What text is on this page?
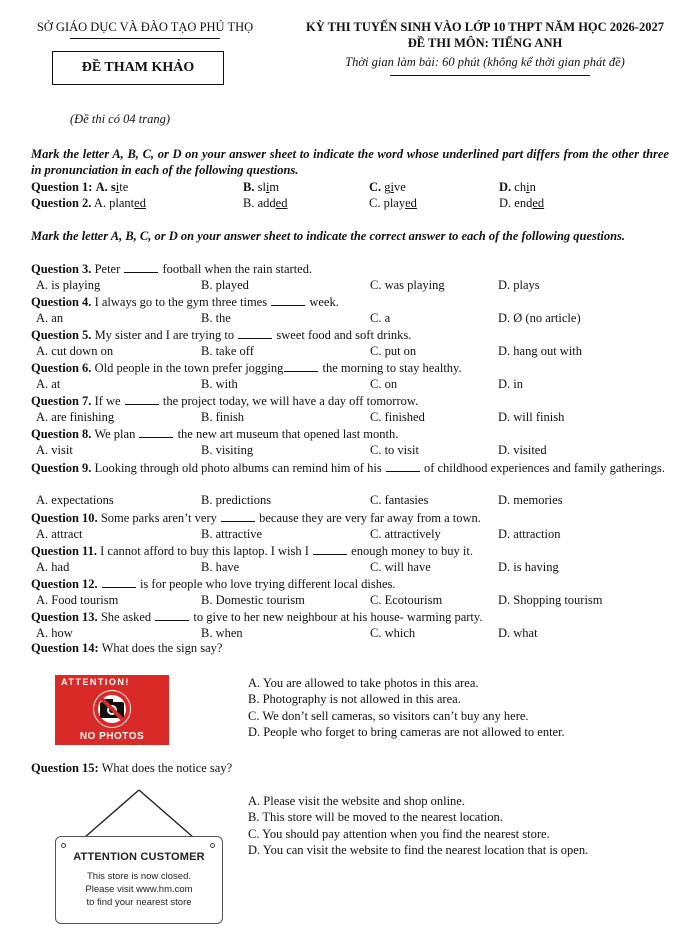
SỞ GIÁO DỤC VÀ ĐÀO TẠO PHÚ THỌ
ĐỀ THAM KHẢO
KỲ THI TUYỂN SINH VÀO LỚP 10 THPT NĂM HỌC 2026-2027
ĐỀ THI MÔN: TIẾNG ANH
Thời gian làm bài: 60 phút (không kể thời gian phát đề)
(Đề thi có 04 trang)
Mark the letter A, B, C, or D on your answer sheet to indicate the word whose underlined part differs from the other three in pronunciation in each of the following questions.
Question 1: A. site	B. slim	C. give	D. chin
Question 2. A. planted	B. added	C. played	D. ended
Mark the letter A, B, C, or D on your answer sheet to indicate the correct answer to each of the following questions.
Question 3. Peter	football when the rain started.
A. is playing	B. played	C. was playing	D. plays
Question 4. I always go to the gym three times	week.
A. an	B. the	C. a	D. Ø (no article)
Question 5. My sister and I are trying to	sweet food and soft drinks.
A. cut down on	B. take off	C. put on	D. hang out with
Question 6. Old people in the town prefer jogging	the morning to stay healthy.
A. at	B. with	C. on	D. in
Question 7. If we	the project today, we will have a day off tomorrow.
A. are finishing	B. finish	C. finished	D. will finish
Question 8. We plan	the new art museum that opened last month.
A. visit	B. visiting	C. to visit	D. visited
Question 9. Looking through old photo albums can remind him of his	of childhood experiences and family gatherings.
A. expectations	B. predictions	C. fantasies	D. memories
Question 10. Some parks aren’t very	because they are very far away from a town.
A. attract	B. attractive	C. attractively	D. attraction
Question 11. I cannot afford to buy this laptop. I wish I	enough money to buy it.
A. had	B. have	C. will have	D. is having
Question 12.	is for people who love trying different local dishes.
A. Food tourism	B. Domestic tourism	C. Ecotourism	D. Shopping tourism
Question 13. She asked	to give to her new neighbour at his house- warming party.
A. how	B. when	C. which	D. what
Question 14: What does the sign say?
ATTENTION!
NO PHOTOS
A. You are allowed to take photos in this area.
B. Photography is not allowed in this area.
C. We don’t sell cameras, so visitors can’t buy any here.
D. People who forget to bring cameras are not allowed to enter.
Question 15: What does the notice say?
ATTENTION CUSTOMER
This store is now closed.
Please visit www.hm.com
to find your nearest store
A. Please visit the website and shop online.
B. This store will be moved to the nearest location.
C. You should pay attention when you find the nearest store.
D. You can visit the website to find the nearest location that is open.
